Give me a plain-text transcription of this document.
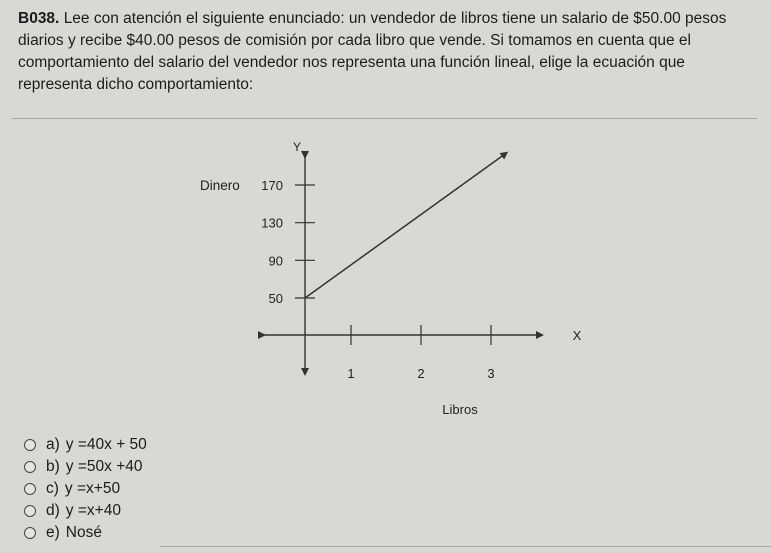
B038. Lee con atención el siguiente enunciado: un vendedor de libros tiene un salario de $50.00 pesos diarios y recibe $40.00 pesos de comisión por cada libro que vende. Si tomamos en cuenta que el comportamiento del salario del vendedor nos representa una función lineal, elige la ecuación que representa dicho comportamiento:
50
90
130
170
1	2	3
Y
X
Dinero
Libros
a) y =40x + 50
b) y =50x +40
c) y =x+50
d) y =x+40
e) Nosé
